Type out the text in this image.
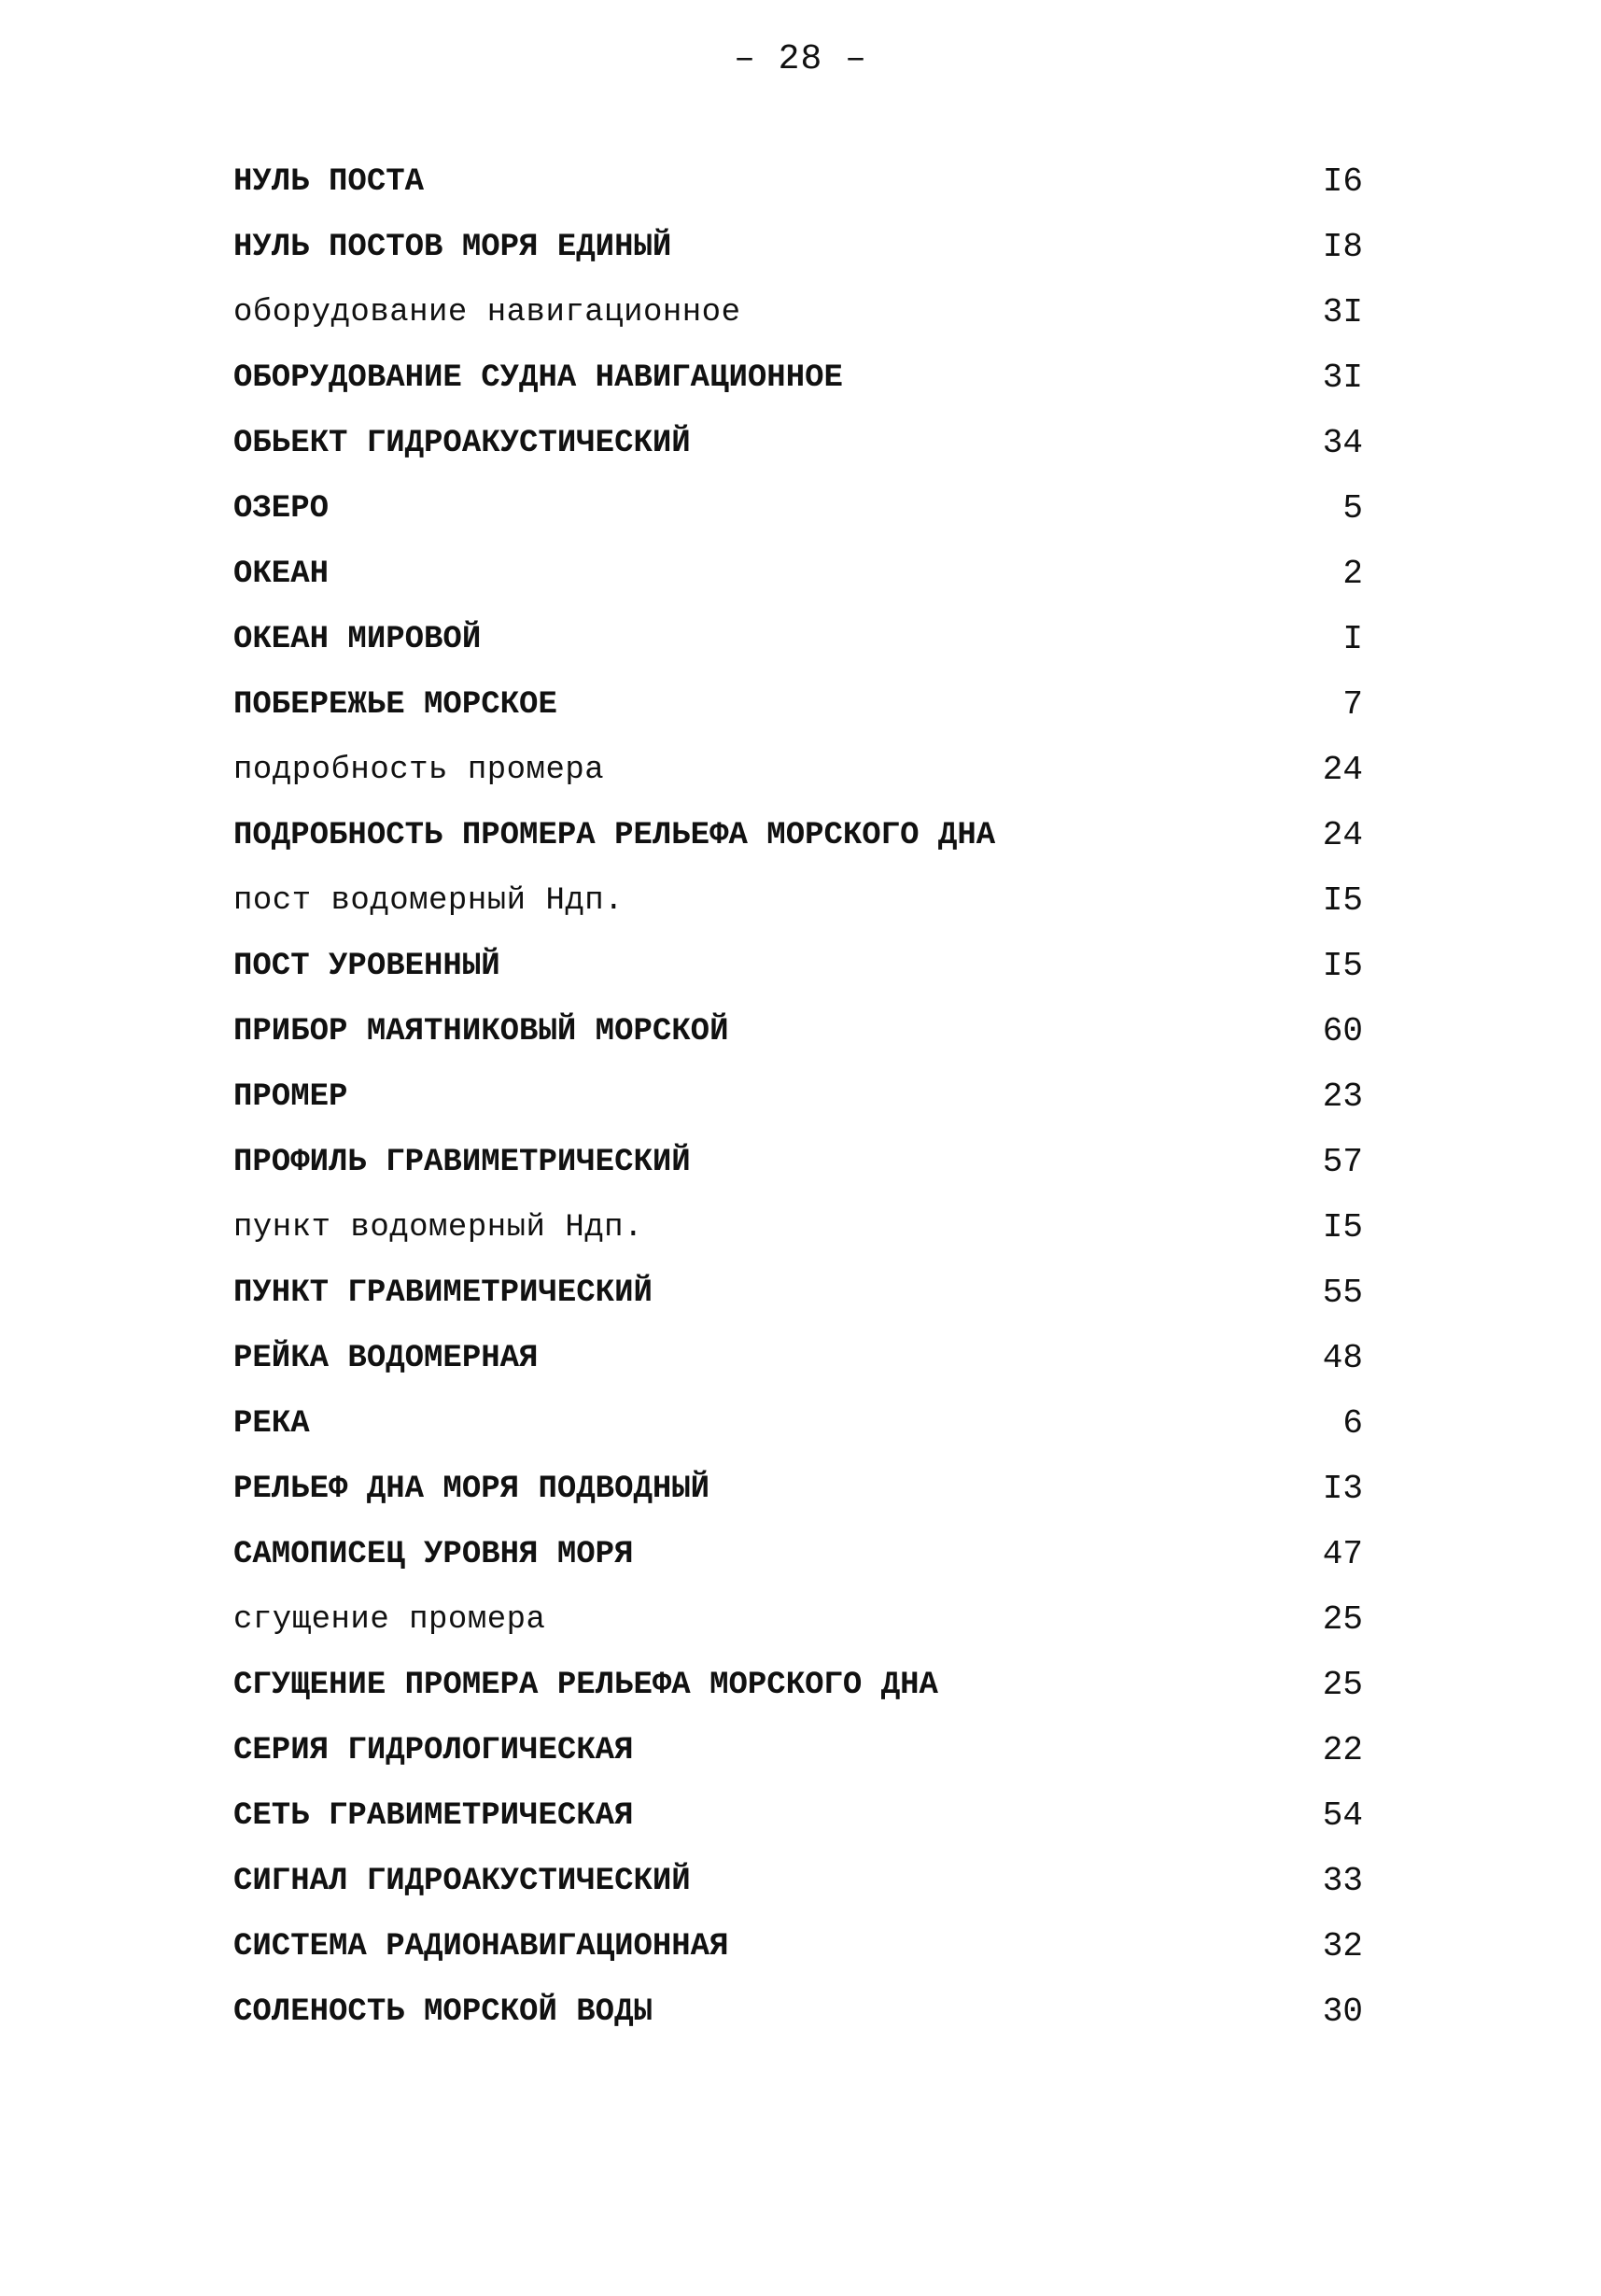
– 28 –
НУЛЬ ПОСТА	I6
НУЛЬ ПОСТОВ МОРЯ ЕДИНЫЙ	I8
оборудование навигационное	3I
ОБОРУДОВАНИЕ СУДНА НАВИГАЦИОННОЕ	3I
ОБЬЕКТ ГИДРОАКУСТИЧЕСКИЙ	34
ОЗЕРО	5
ОКЕАН	2
ОКЕАН МИРОВОЙ	I
ПОБЕРЕЖЬЕ МОРСКОЕ	7
подробность промера	24
ПОДРОБНОСТЬ ПРОМЕРА РЕЛЬЕФА МОРСКОГО ДНА	24
пост водомерный Ндп.	I5
ПОСТ УРОВЕННЫЙ	I5
ПРИБОР МАЯТНИКОВЫЙ МОРСКОЙ	60
ПРОМЕР	23
ПРОФИЛЬ ГРАВИМЕТРИЧЕСКИЙ	57
пункт водомерный Ндп.	I5
ПУНКТ ГРАВИМЕТРИЧЕСКИЙ	55
РЕЙКА ВОДОМЕРНАЯ	48
РЕКА	6
РЕЛЬЕФ ДНА МОРЯ ПОДВОДНЫЙ	I3
САМОПИСЕЦ УРОВНЯ МОРЯ	47
сгущение промера	25
СГУЩЕНИЕ ПРОМЕРА РЕЛЬЕФА МОРСКОГО ДНА	25
СЕРИЯ ГИДРОЛОГИЧЕСКАЯ	22
СЕТЬ ГРАВИМЕТРИЧЕСКАЯ	54
СИГНАЛ ГИДРОАКУСТИЧЕСКИЙ	33
СИСТЕМА РАДИОНАВИГАЦИОННАЯ	32
СОЛЕНОСТЬ МОРСКОЙ ВОДЫ	30
